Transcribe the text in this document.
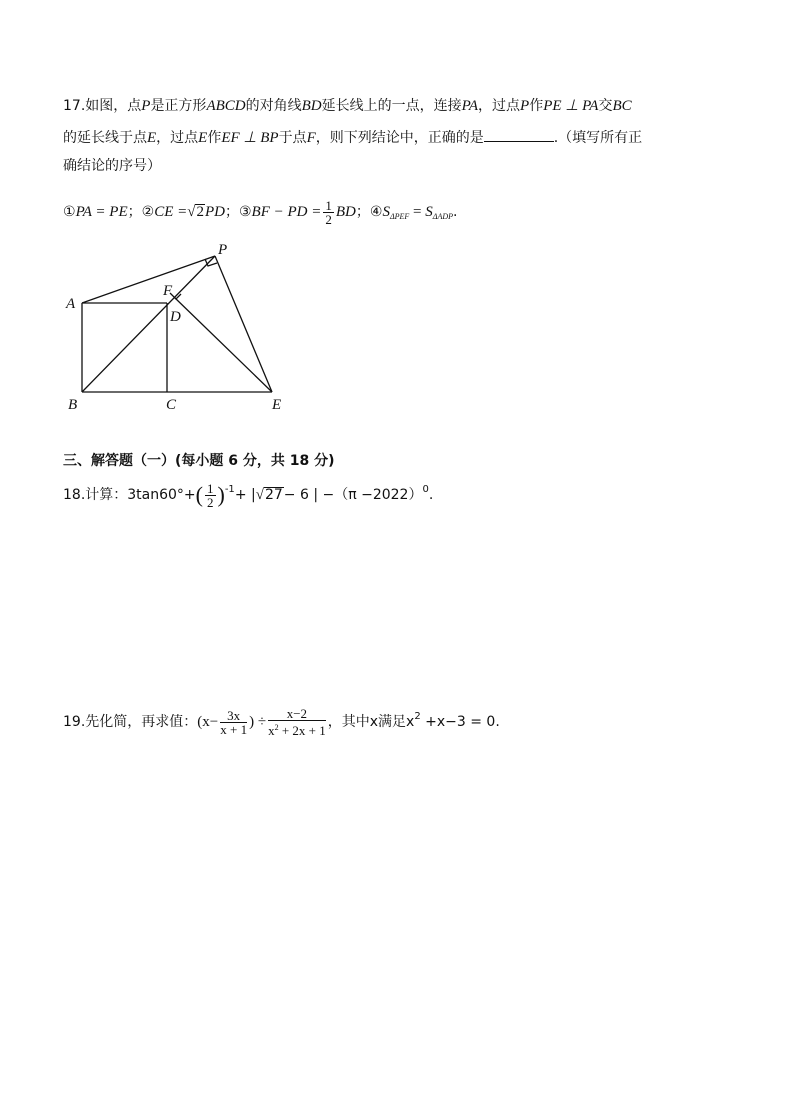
17.如图，点P是正方形ABCD的对角线BD延长线上的一点，连接PA，过点P作PE ⊥ PA交BC
的延长线于点E，过点E作EF ⊥ BP于点F，则下列结论中，正确的是	.（填写所有正
确结论的序号）
①PA = PE；②CE =√2PD；③BF − PD = $\frac{1}{2}$ BD；$④S_{\Delta PEF} = S_{\Delta ADP}$.
A
B	C
D
E
F
P
三、解答题（一）(每小题 6 分，共 18 分)
18.计算：$3\tan 60^\circ+( \frac{1}{2} )^{-1}+ |√27- 6$ | $-(\pi -2022)^0$.
19.先化简，再求值：($x- \frac{3x}{x + 1}$ ) ÷ $\frac{x-2}{x^2 + 2x + 1}$ ，其中x满足$x^2 +x-3 = 0$.
